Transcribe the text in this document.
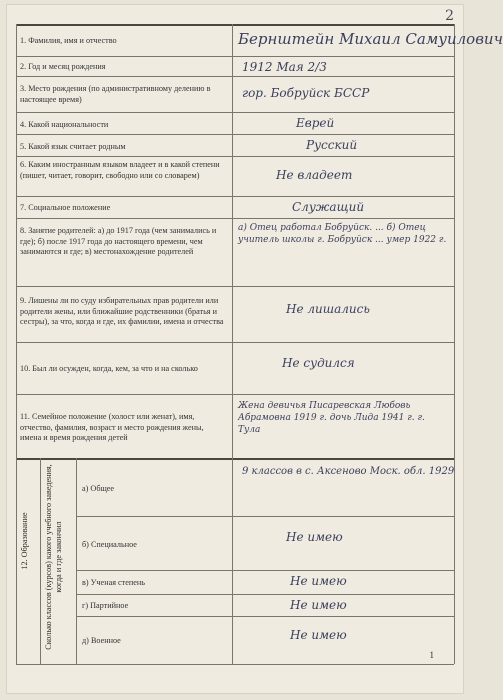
2
1. Фамилия, имя и отчество
2. Год и месяц рождения
3. Место рождения (по административному делению в настоящее время)
4. Какой национальности
5. Какой язык считает родным
6. Каким иностранным языком владеет и в какой степени (пишет, читает, говорит, свободно или со словарем)
7. Социальное положение
8. Занятие родителей: а) до 1917 года (чем занимались и где); б) после 1917 года до настоящего времени, чем занимаются и где; в) местонахождение родителей
9. Лишены ли по суду избирательных прав родители или родители жены, или ближайшие родственники (братья и сестры), за что, когда и где, их фамилии, имена и отчества
10. Был ли осужден, когда, кем, за что и на сколько
11. Семейное положение (холост или женат), имя, отчество, фамилия, возраст и место рождения жены, имена и время рождения детей
Бернштейн Михаил Самуилович
1912 Мая 2/3
гор. Бобруйск БССР
Еврей
Русский
Не владеет
Служащий
а) Отец работал Бобруйск. ... б) Отец учитель школы г. Бобруйск ... умер 1922 г.
Не лишались
Не судился
Жена девичья Писаревская Любовь Абрамовна 1919 г. дочь Лида 1941 г. г. Тула
12. Образование Сколько классов (курсов) какого учебного заведения, когда и где закончил
а) Общее
б) Специальное
в) Ученая степень
г) Партийное
д) Военное
9 классов в с. Аксеново Моск. обл. 1929
Не имею
Не имею
Не имею
Не имею
1
